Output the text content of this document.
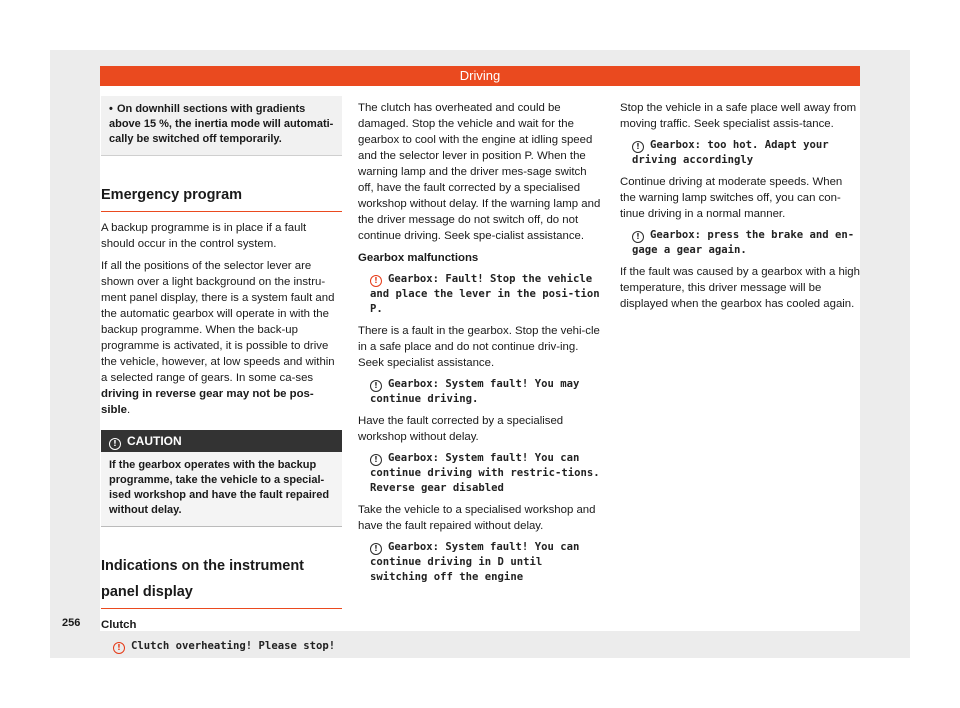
Driving
• On downhill sections with gradients above 15 %, the inertia mode will automati-cally be switched off temporarily.
Emergency program

A backup programme is in place if a fault should occur in the control system.

If all the positions of the selector lever are shown over a light background on the instru-ment panel display, there is a system fault and the automatic gearbox will operate in with the backup programme. When the back-up programme is activated, it is possible to drive the vehicle, however, at low speeds and within a selected range of gears. In some ca-ses driving in reverse gear may not be pos-sible.

! CAUTION
If the gearbox operates with the backup programme, take the vehicle to a special-ised workshop and have the fault repaired without delay.
Indications on the instrument panel display

Clutch

! Clutch overheating! Please stop!

The clutch has overheated and could be damaged. Stop the vehicle and wait for the gearbox to cool with the engine at idling speed and the selector lever in position P. When the warning lamp and the driver mes-sage switch off, have the fault corrected by a specialised workshop without delay. If the warning lamp and the driver message do not switch off, do not continue driving. Seek spe-cialist assistance.

Gearbox malfunctions

! Gearbox: Fault! Stop the vehicle and place the lever in the posi-tion P.

There is a fault in the gearbox. Stop the vehi-cle in a safe place and do not continue driv-ing. Seek specialist assistance.

! Gearbox: System fault! You may continue driving.

Have the fault corrected by a specialised workshop without delay.

! Gearbox: System fault! You can continue driving with restric-tions. Reverse gear disabled

Take the vehicle to a specialised workshop and have the fault repaired without delay.

! Gearbox: System fault! You can continue driving in D until switching off the engine

Stop the vehicle in a safe place well away from moving traffic. Seek specialist assis-tance.

! Gearbox: too hot. Adapt your driving accordingly

Continue driving at moderate speeds. When the warning lamp switches off, you can con-tinue driving in a normal manner.

! Gearbox: press the brake and en-gage a gear again.

If the fault was caused by a gearbox with a high temperature, this driver message will be displayed when the gearbox has cooled again.

256
